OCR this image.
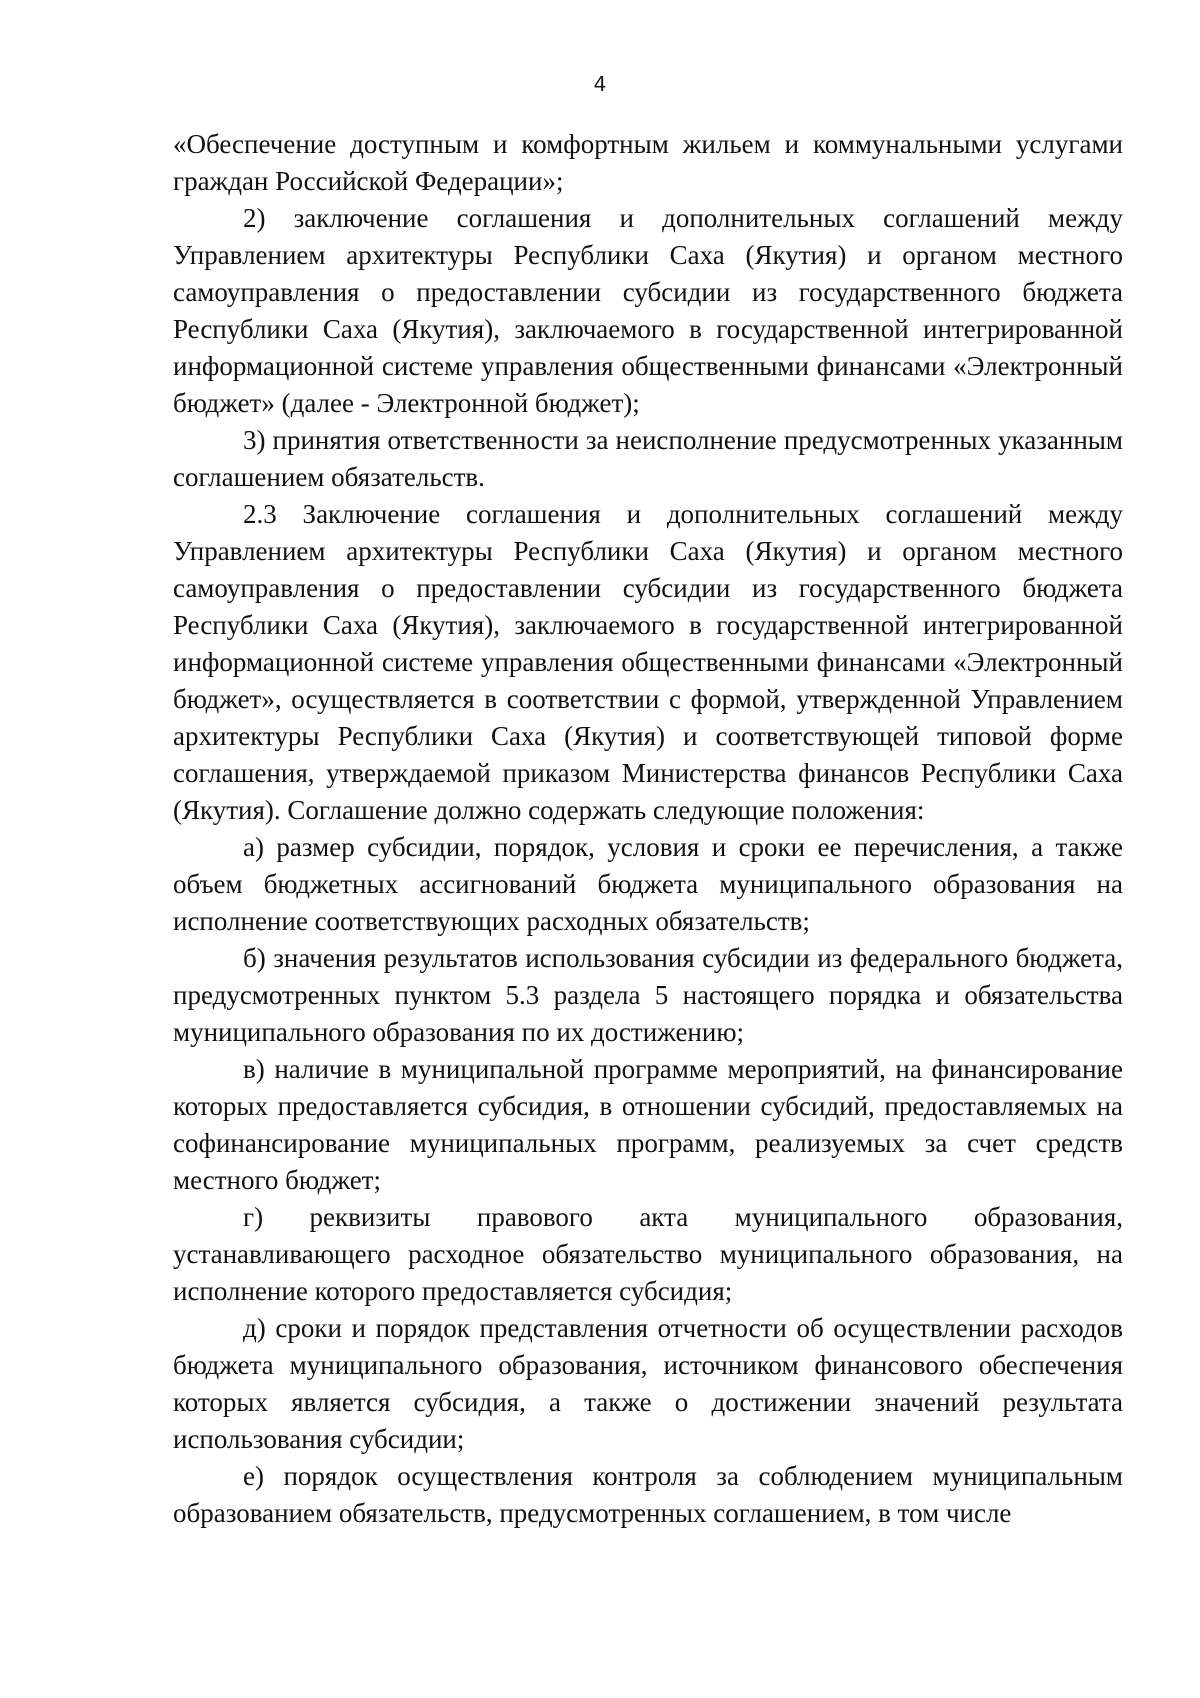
4

«Обеспечение доступным и комфортным жильем и коммунальными услугами граждан Российской Федерации»;

2) заключение соглашения и дополнительных соглашений между Управлением архитектуры Республики Саха (Якутия) и органом местного самоуправления о предоставлении субсидии из государственного бюджета Республики Саха (Якутия), заключаемого в государственной интегрированной информационной системе управления общественными финансами «Электронный бюджет» (далее - Электронной бюджет);

3) принятия ответственности за неисполнение предусмотренных указанным соглашением обязательств.

2.3 Заключение соглашения и дополнительных соглашений между Управлением архитектуры Республики Саха (Якутия) и органом местного самоуправления о предоставлении субсидии из государственного бюджета Республики Саха (Якутия), заключаемого в государственной интегрированной информационной системе управления общественными финансами «Электронный бюджет», осуществляется в соответствии с формой, утвержденной Управлением архитектуры Республики Саха (Якутия) и соответствующей типовой форме соглашения, утверждаемой приказом Министерства финансов Республики Саха (Якутия). Соглашение должно содержать следующие положения:

а) размер субсидии, порядок, условия и сроки ее перечисления, а также объем бюджетных ассигнований бюджета муниципального образования на исполнение соответствующих расходных обязательств;

б) значения результатов использования субсидии из федерального бюджета, предусмотренных пунктом 5.3 раздела 5 настоящего порядка и обязательства муниципального образования по их достижению;

в) наличие в муниципальной программе мероприятий, на финансирование которых предоставляется субсидия, в отношении субсидий, предоставляемых на софинансирование муниципальных программ, реализуемых за счет средств местного бюджет;

г) реквизиты правового акта муниципального образования, устанавливающего расходное обязательство муниципального образования, на исполнение которого предоставляется субсидия;

д) сроки и порядок представления отчетности об осуществлении расходов бюджета муниципального образования, источником финансового обеспечения которых является субсидия, а также о достижении значений результата использования субсидии;

е) порядок осуществления контроля за соблюдением муниципальным образованием обязательств, предусмотренных соглашением, в том числе
